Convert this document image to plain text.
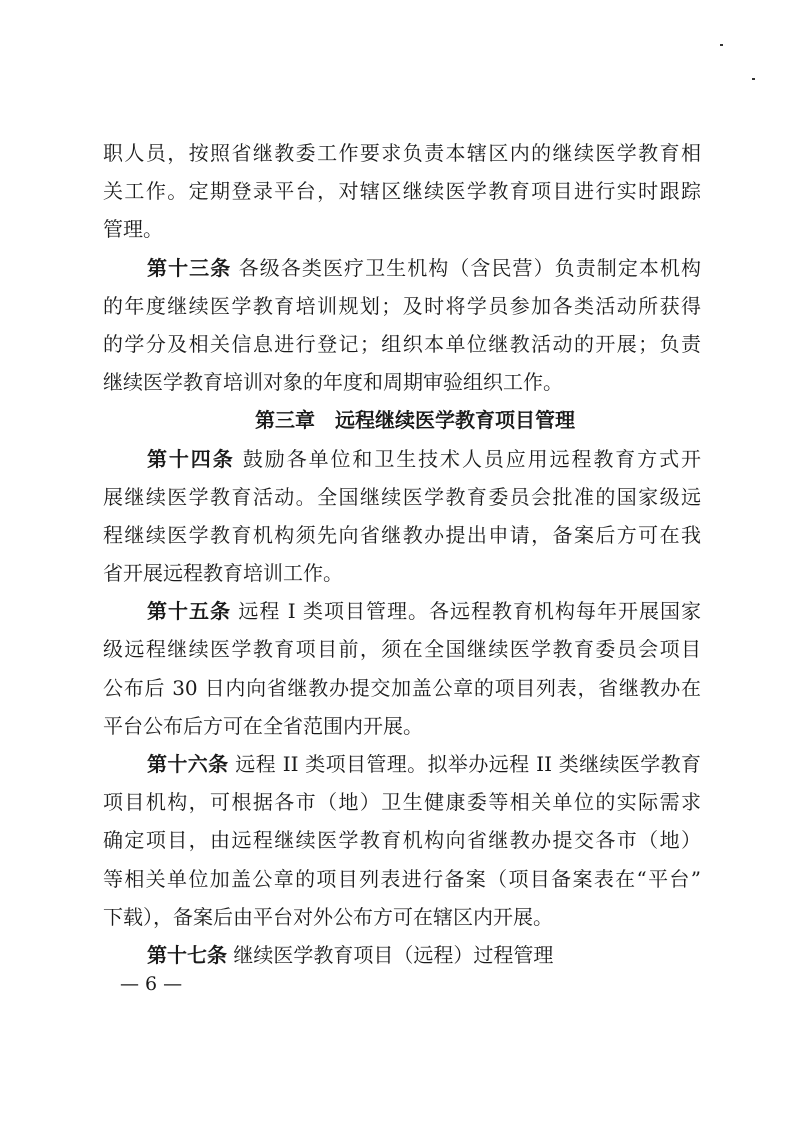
职人员，按照省继教委工作要求负责本辖区内的继续医学教育相
关工作。定期登录平台，对辖区继续医学教育项目进行实时跟踪
管理。
第十三条 各级各类医疗卫生机构（含民营）负责制定本机构
的年度继续医学教育培训规划；及时将学员参加各类活动所获得
的学分及相关信息进行登记；组织本单位继教活动的开展；负责
继续医学教育培训对象的年度和周期审验组织工作。
第三章　远程继续医学教育项目管理
第十四条 鼓励各单位和卫生技术人员应用远程教育方式开
展继续医学教育活动。全国继续医学教育委员会批准的国家级远
程继续医学教育机构须先向省继教办提出申请，备案后方可在我
省开展远程教育培训工作。
第十五条 远程 I 类项目管理。各远程教育机构每年开展国家
级远程继续医学教育项目前，须在全国继续医学教育委员会项目
公布后 30 日内向省继教办提交加盖公章的项目列表，省继教办在
平台公布后方可在全省范围内开展。
第十六条 远程 II 类项目管理。拟举办远程 II 类继续医学教育
项目机构，可根据各市（地）卫生健康委等相关单位的实际需求
确定项目，由远程继续医学教育机构向省继教办提交各市（地）
等相关单位加盖公章的项目列表进行备案（项目备案表在“平台”
下载），备案后由平台对外公布方可在辖区内开展。
第十七条 继续医学教育项目（远程）过程管理
— 6 —
